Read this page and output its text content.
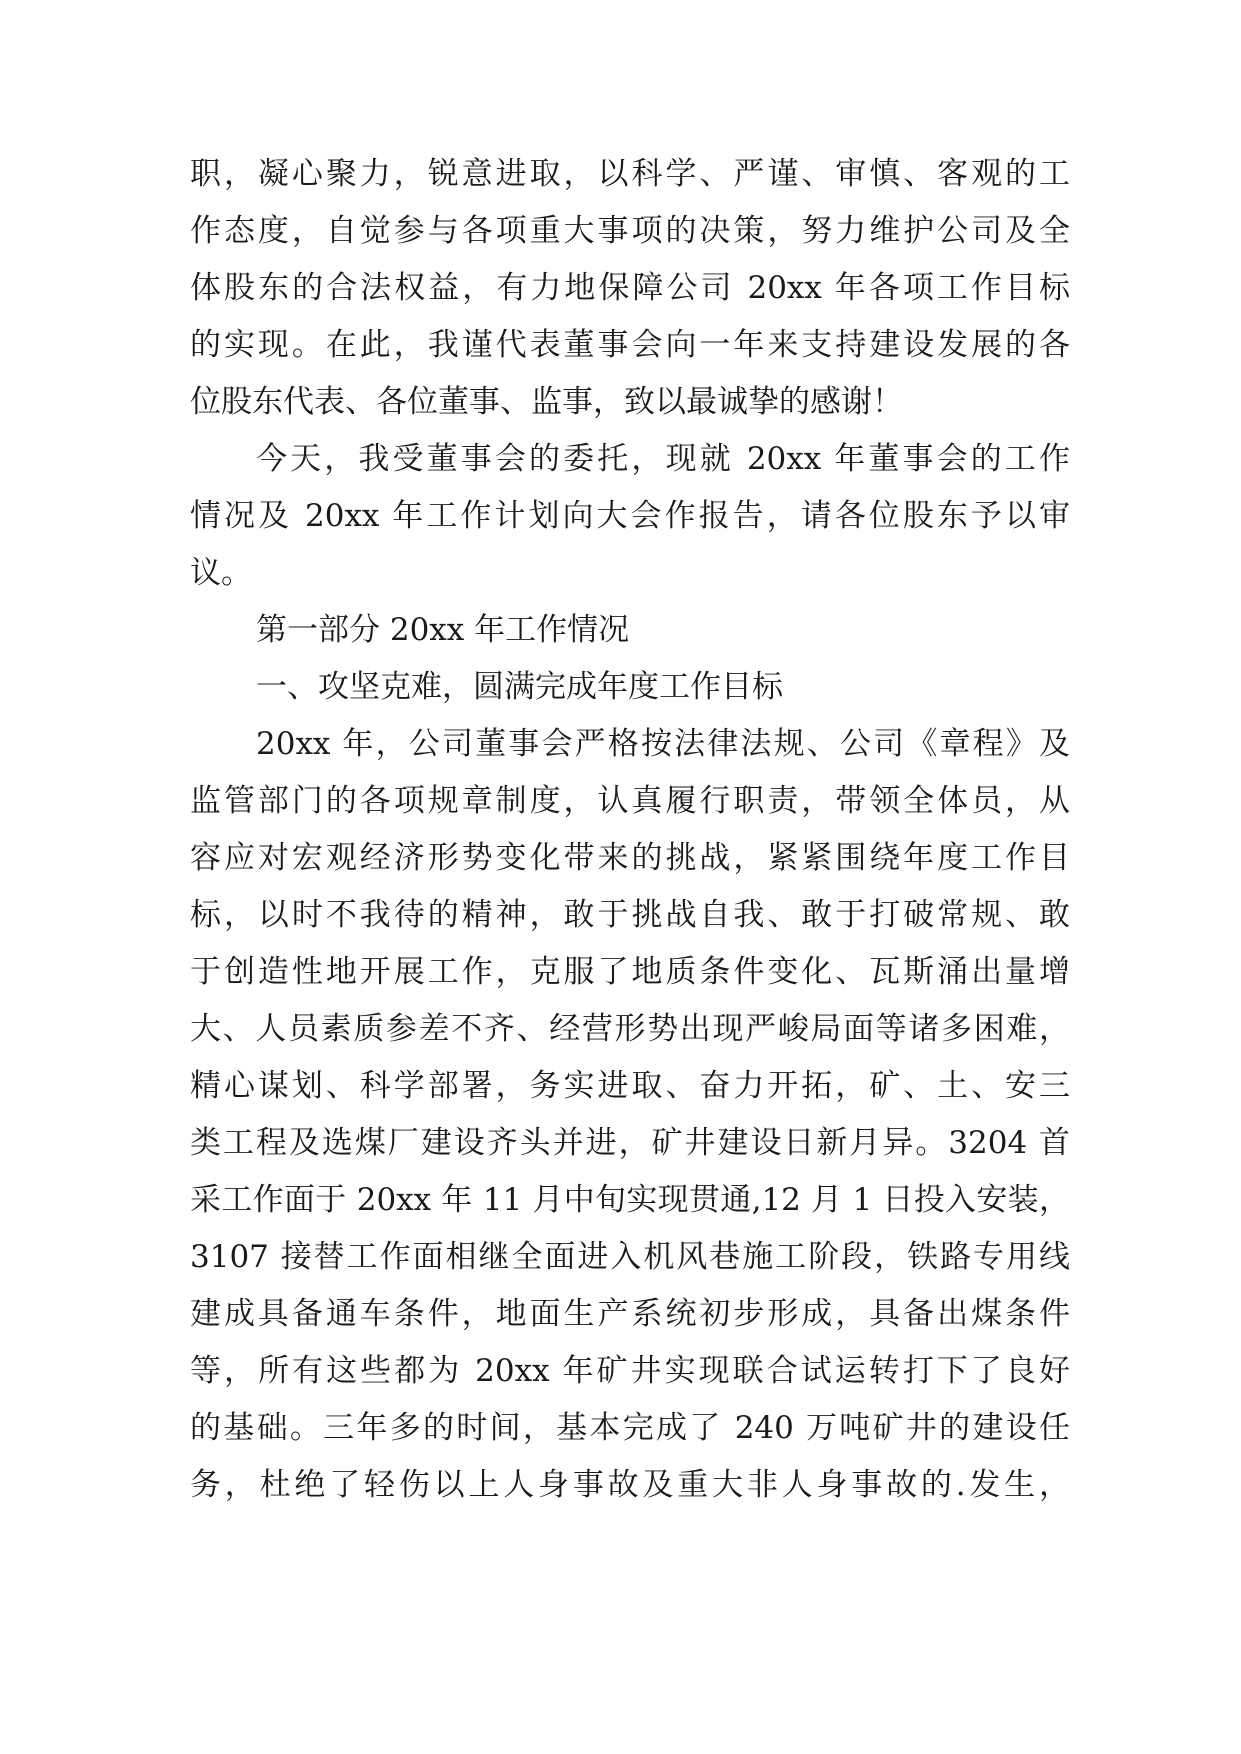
职，凝心聚力，锐意进取，以科学、严谨、审慎、客观的工
作态度，自觉参与各项重大事项的决策，努力维护公司及全
体股东的合法权益，有力地保障公司 20xx 年各项工作目标
的实现。在此，我谨代表董事会向一年来支持建设发展的各
位股东代表、各位董事、监事，致以最诚挚的感谢！
今天，我受董事会的委托，现就 20xx 年董事会的工作
情况及 20xx 年工作计划向大会作报告，请各位股东予以审
议。
第一部分 20xx 年工作情况
一、攻坚克难，圆满完成年度工作目标
20xx 年，公司董事会严格按法律法规、公司《章程》及
监管部门的各项规章制度，认真履行职责，带领全体员，从
容应对宏观经济形势变化带来的挑战，紧紧围绕年度工作目
标，以时不我待的精神，敢于挑战自我、敢于打破常规、敢
于创造性地开展工作，克服了地质条件变化、瓦斯涌出量增
大、人员素质参差不齐、经营形势出现严峻局面等诸多困难，
精心谋划、科学部署，务实进取、奋力开拓，矿、土、安三
类工程及选煤厂建设齐头并进，矿井建设日新月异。3204 首
采工作面于 20xx 年 11 月中旬实现贯通,12 月 1 日投入安装，
3107 接替工作面相继全面进入机风巷施工阶段，铁路专用线
建成具备通车条件，地面生产系统初步形成，具备出煤条件
等，所有这些都为 20xx 年矿井实现联合试运转打下了良好
的基础。三年多的时间，基本完成了 240 万吨矿井的建设任
务，杜绝了轻伤以上人身事故及重大非人身事故的.发生，
